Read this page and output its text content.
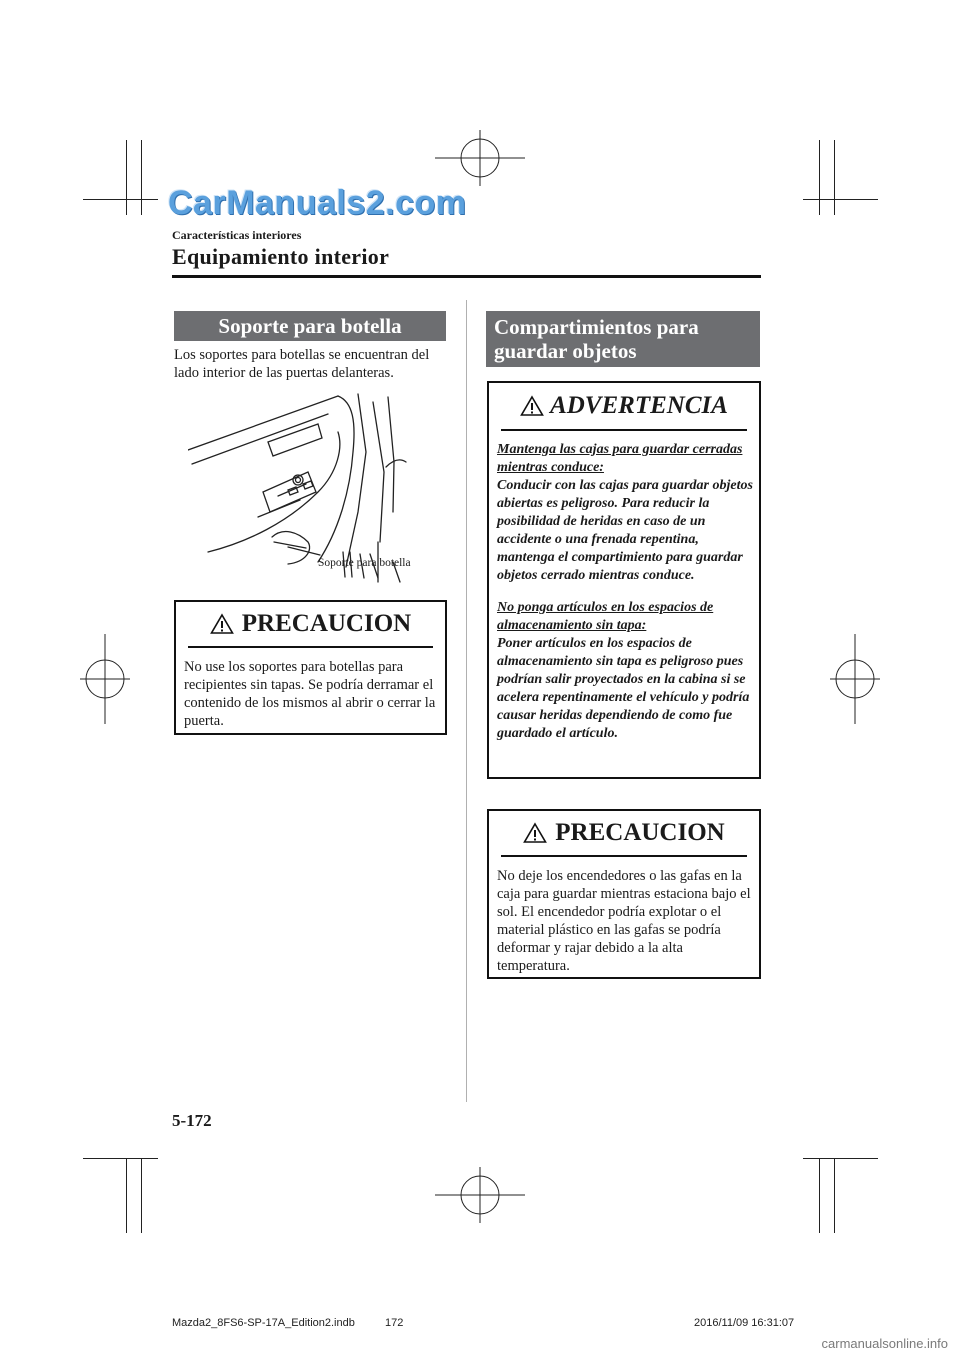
CarManuals2.com
Características interiores
Equipamiento interior
Soporte para botella
Los soportes para botellas se encuentran del lado interior de las puertas delanteras.
Soporte para botella
PRECAUCION
No use los soportes para botellas para recipientes sin tapas. Se podría derramar el contenido de los mismos al abrir o cerrar la puerta.
Compartimientos para
guardar objetos
ADVERTENCIA
Mantenga las cajas para guardar cerradas mientras conduce:
Conducir con las cajas para guardar objetos abiertas es peligroso. Para reducir la posibilidad de heridas en caso de un accidente o una frenada repentina, mantenga el compartimiento para guardar objetos cerrado mientras conduce.
No ponga artículos en los espacios de almacenamiento sin tapa:
Poner artículos en los espacios de almacenamiento sin tapa es peligroso pues podrían salir proyectados en la cabina si se acelera repentinamente el vehículo y podría causar heridas dependiendo de como fue guardado el artículo.
PRECAUCION
No deje los encendedores o las gafas en la caja para guardar mientras estaciona bajo el sol. El encendedor podría explotar o el material plástico en las gafas se podría deformar y rajar debido a la alta temperatura.
5-172
Mazda2_8FS6-SP-17A_Edition2.indb	172	2016/11/09 16:31:07
carmanualsonline.info
